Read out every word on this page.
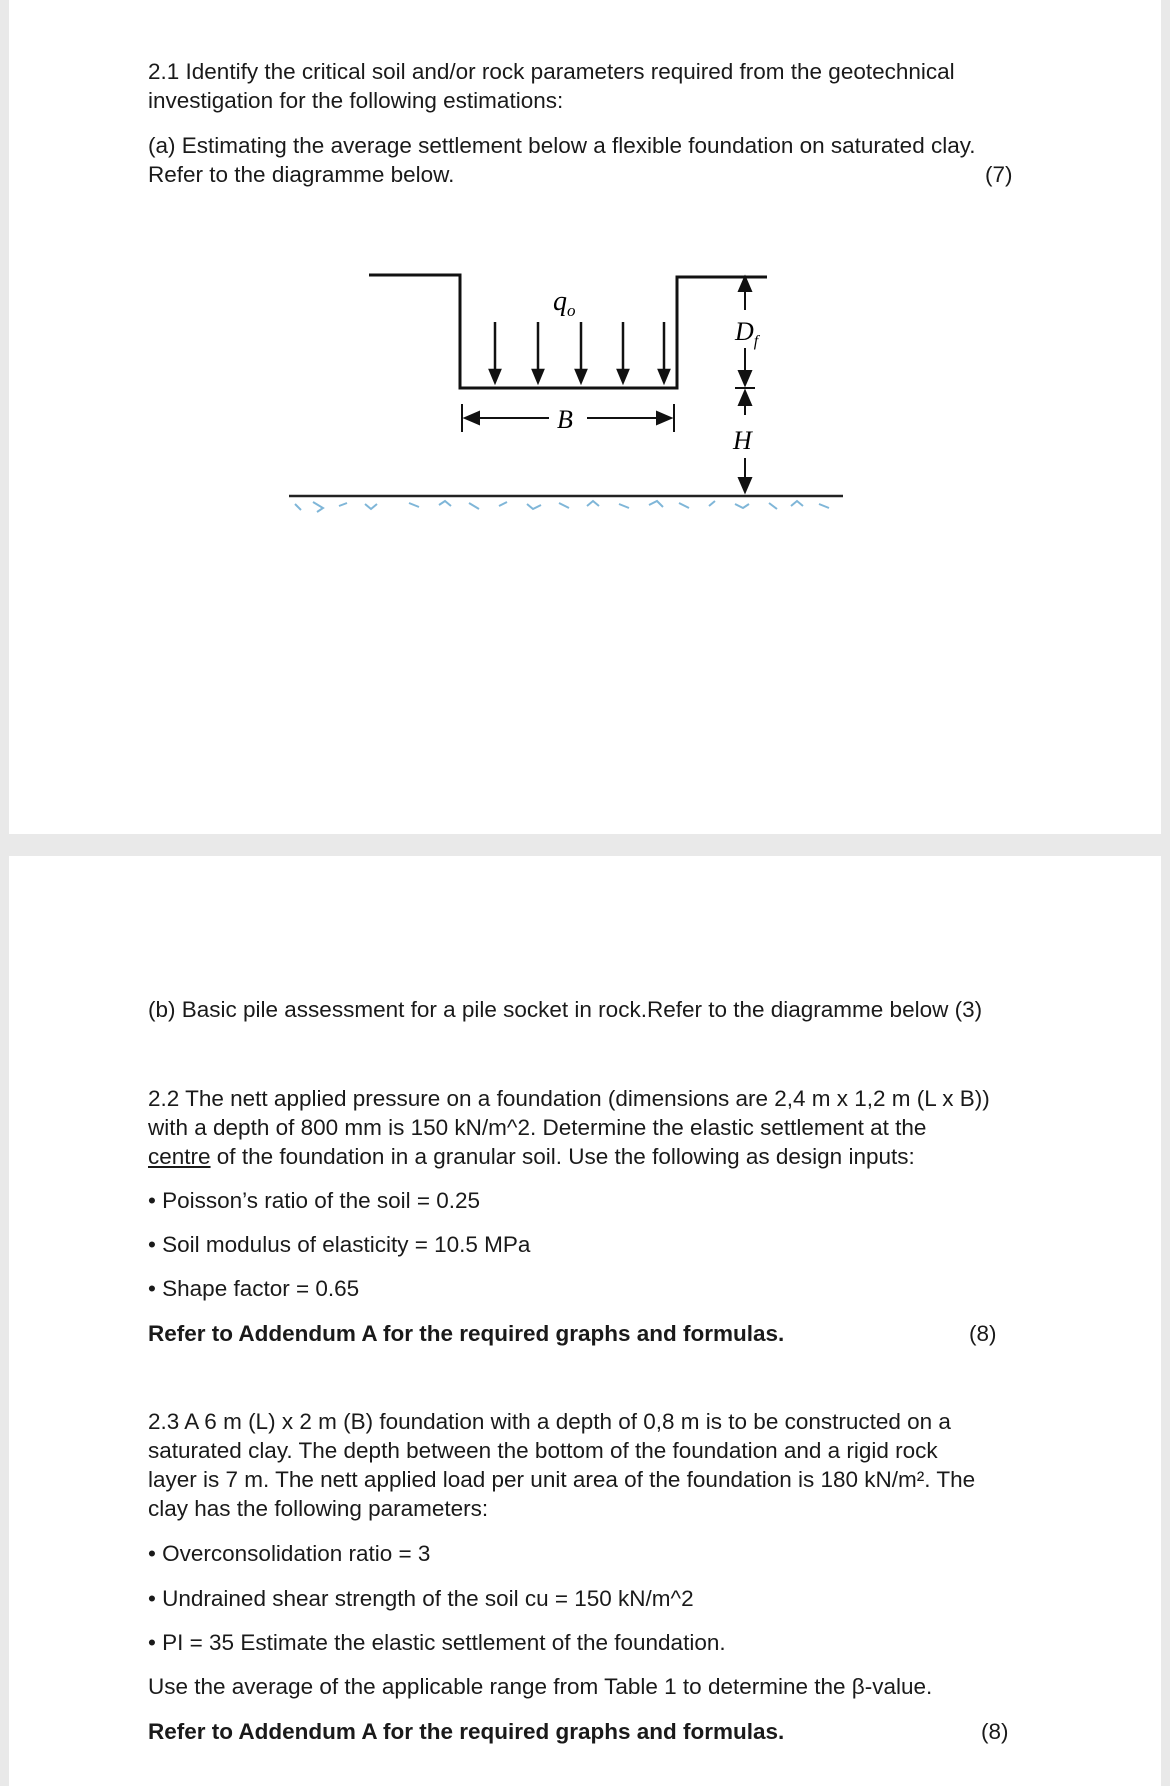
2.1 Identify the critical soil and/or rock parameters required from the geotechnical

investigation for the following estimations:

(a) Estimating the average settlement below a flexible foundation on saturated clay.

Refer to the diagramme below.	(7)

$q_o$
B
$D_f$
H

(b) Basic pile assessment for a pile socket in rock.Refer to the diagramme below (3)

2.2 The nett applied pressure on a foundation (dimensions are 2,4 m x 1,2 m (L x B))

with a depth of 800 mm is 150 kN/m^2. Determine the elastic settlement at the

centre of the foundation in a granular soil. Use the following as design inputs:

• Poisson’s ratio of the soil = 0.25

• Soil modulus of elasticity = 10.5 MPa

• Shape factor = 0.65

Refer to Addendum A for the required graphs and formulas.	(8)

2.3 A 6 m (L) x 2 m (B) foundation with a depth of 0,8 m is to be constructed on a

saturated clay. The depth between the bottom of the foundation and a rigid rock

layer is 7 m. The nett applied load per unit area of the foundation is 180 kN/m². The

clay has the following parameters:

• Overconsolidation ratio = 3

• Undrained shear strength of the soil cu = 150 kN/m^2

• PI = 35 Estimate the elastic settlement of the foundation.

Use the average of the applicable range from Table 1 to determine the β-value.

Refer to Addendum A for the required graphs and formulas.	(8)
